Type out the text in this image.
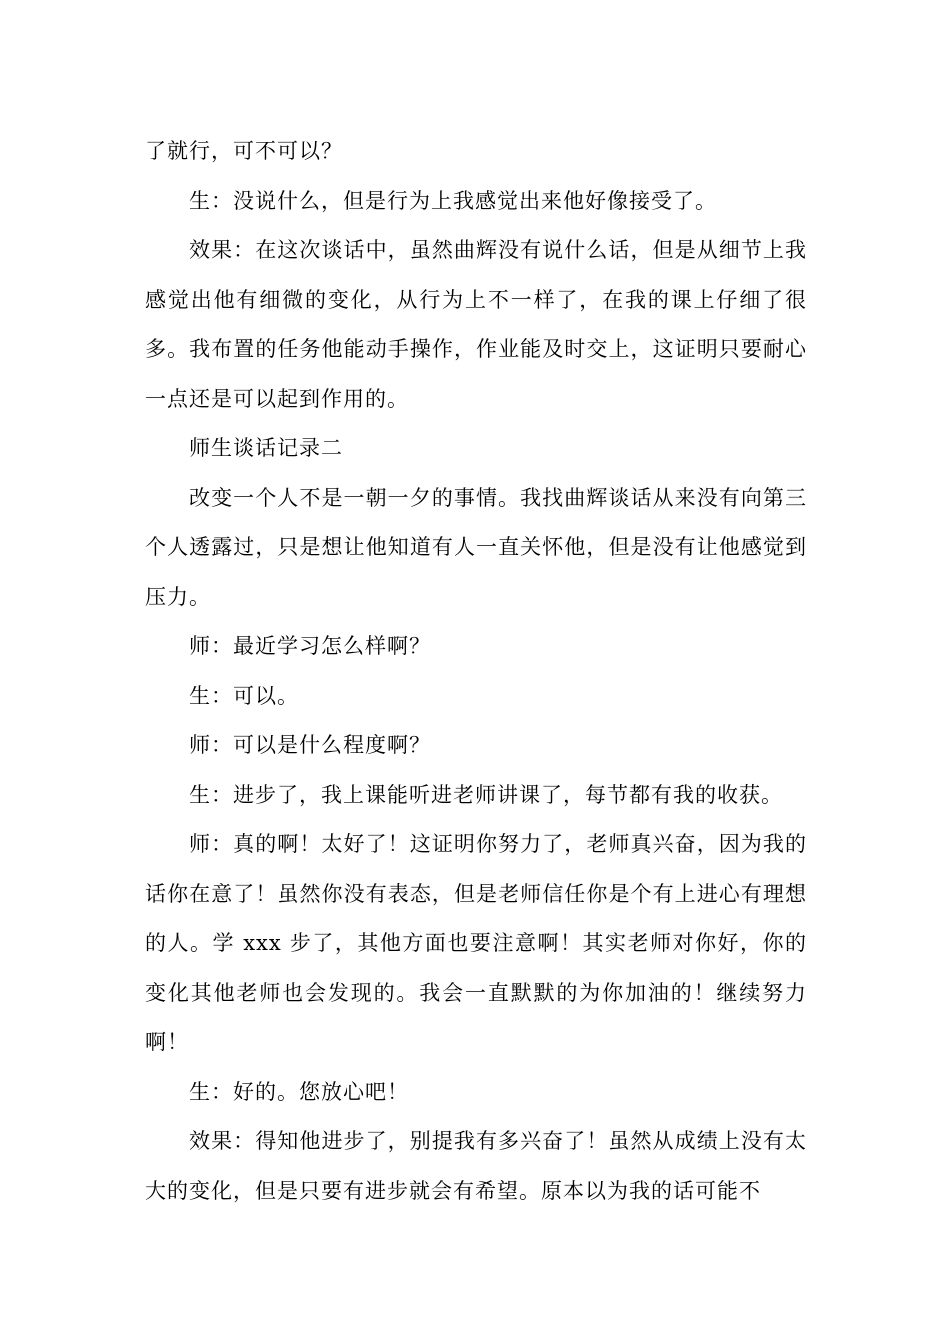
了就行，可不可以？

生：没说什么，但是行为上我感觉出来他好像接受了。

效果：在这次谈话中，虽然曲辉没有说什么话，但是从细节上我感觉出他有细微的变化，从行为上不一样了，在我的课上仔细了很多。我布置的任务他能动手操作，作业能及时交上，这证明只要耐心一点还是可以起到作用的。

师生谈话记录二

改变一个人不是一朝一夕的事情。我找曲辉谈话从来没有向第三个人透露过，只是想让他知道有人一直关怀他，但是没有让他感觉到压力。

师：最近学习怎么样啊？

生：可以。

师：可以是什么程度啊？

生：进步了，我上课能听进老师讲课了，每节都有我的收获。

师：真的啊！太好了！这证明你努力了，老师真兴奋，因为我的话你在意了！虽然你没有表态，但是老师信任你是个有上进心有理想的人。学 xxx 步了，其他方面也要注意啊！其实老师对你好，你的变化其他老师也会发现的。我会一直默默的为你加油的！继续努力啊！

生：好的。您放心吧！

效果：得知他进步了，别提我有多兴奋了！虽然从成绩上没有太大的变化，但是只要有进步就会有希望。原本以为我的话可能不
